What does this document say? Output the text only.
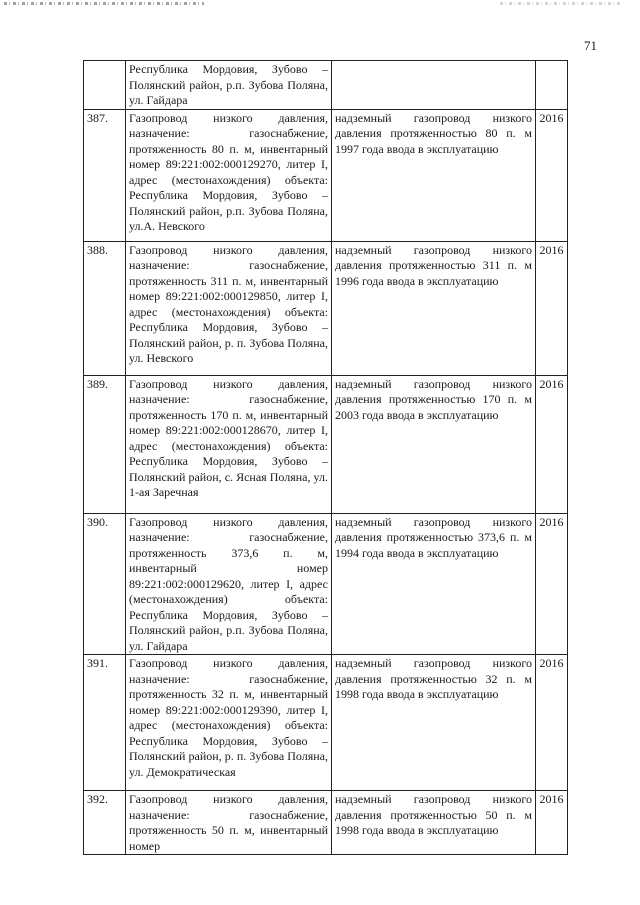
71

	Республика Мордовия, Зубово – Полянский район, р.п. Зубова Поляна, ул. Гайдара		

387.	Газопровод низкого давления, назначение: газоснабжение, протяженность 80 п. м, инвентарный номер 89:221:002:000129270, литер I, адрес (местонахождения) объекта: Республика Мордовия, Зубово – Полянский район, р.п. Зубова Поляна, ул.А. Невского	надземный газопровод низкого давления протяженностью 80 п. м 1997 года ввода в эксплуатацию	2016
388.	Газопровод низкого давления, назначение: газоснабжение, протяженность 311 п. м, инвентарный номер 89:221:002:000129850, литер I, адрес (местонахождения) объекта: Республика Мордовия, Зубово – Полянский район, р. п. Зубова Поляна, ул. Невского	надземный газопровод низкого давления протяженностью 311 п. м 1996 года ввода в эксплуатацию	2016
389.	Газопровод низкого давления, назначение: газоснабжение, протяженность 170 п. м, инвентарный номер 89:221:002:000128670, литер I, адрес (местонахождения) объекта: Республика Мордовия, Зубово – Полянский район, с. Ясная Поляна, ул. 1-ая Заречная	надземный газопровод низкого давления протяженностью 170 п. м 2003 года ввода в эксплуатацию	2016
390.	Газопровод низкого давления, назначение: газоснабжение, протяженность 373,6 п. м, инвентарный номер 89:221:002:000129620, литер I, адрес (местонахождения) объекта: Республика Мордовия, Зубово – Полянский район, р.п. Зубова Поляна, ул. Гайдара	надземный газопровод низкого давления протяженностью 373,6 п. м 1994 года ввода в эксплуатацию	2016
391.	Газопровод низкого давления, назначение: газоснабжение, протяженность 32 п. м, инвентарный номер 89:221:002:000129390, литер I, адрес (местонахождения) объекта: Республика Мордовия, Зубово – Полянский район, р. п. Зубова Поляна, ул. Демократическая	надземный газопровод низкого давления протяженностью 32 п. м 1998 года ввода в эксплуатацию	2016
392.	Газопровод низкого давления, назначение: газоснабжение, протяженность 50 п. м, инвентарный номер	надземный газопровод низкого давления протяженностью 50 п. м 1998 года ввода в эксплуатацию	2016
